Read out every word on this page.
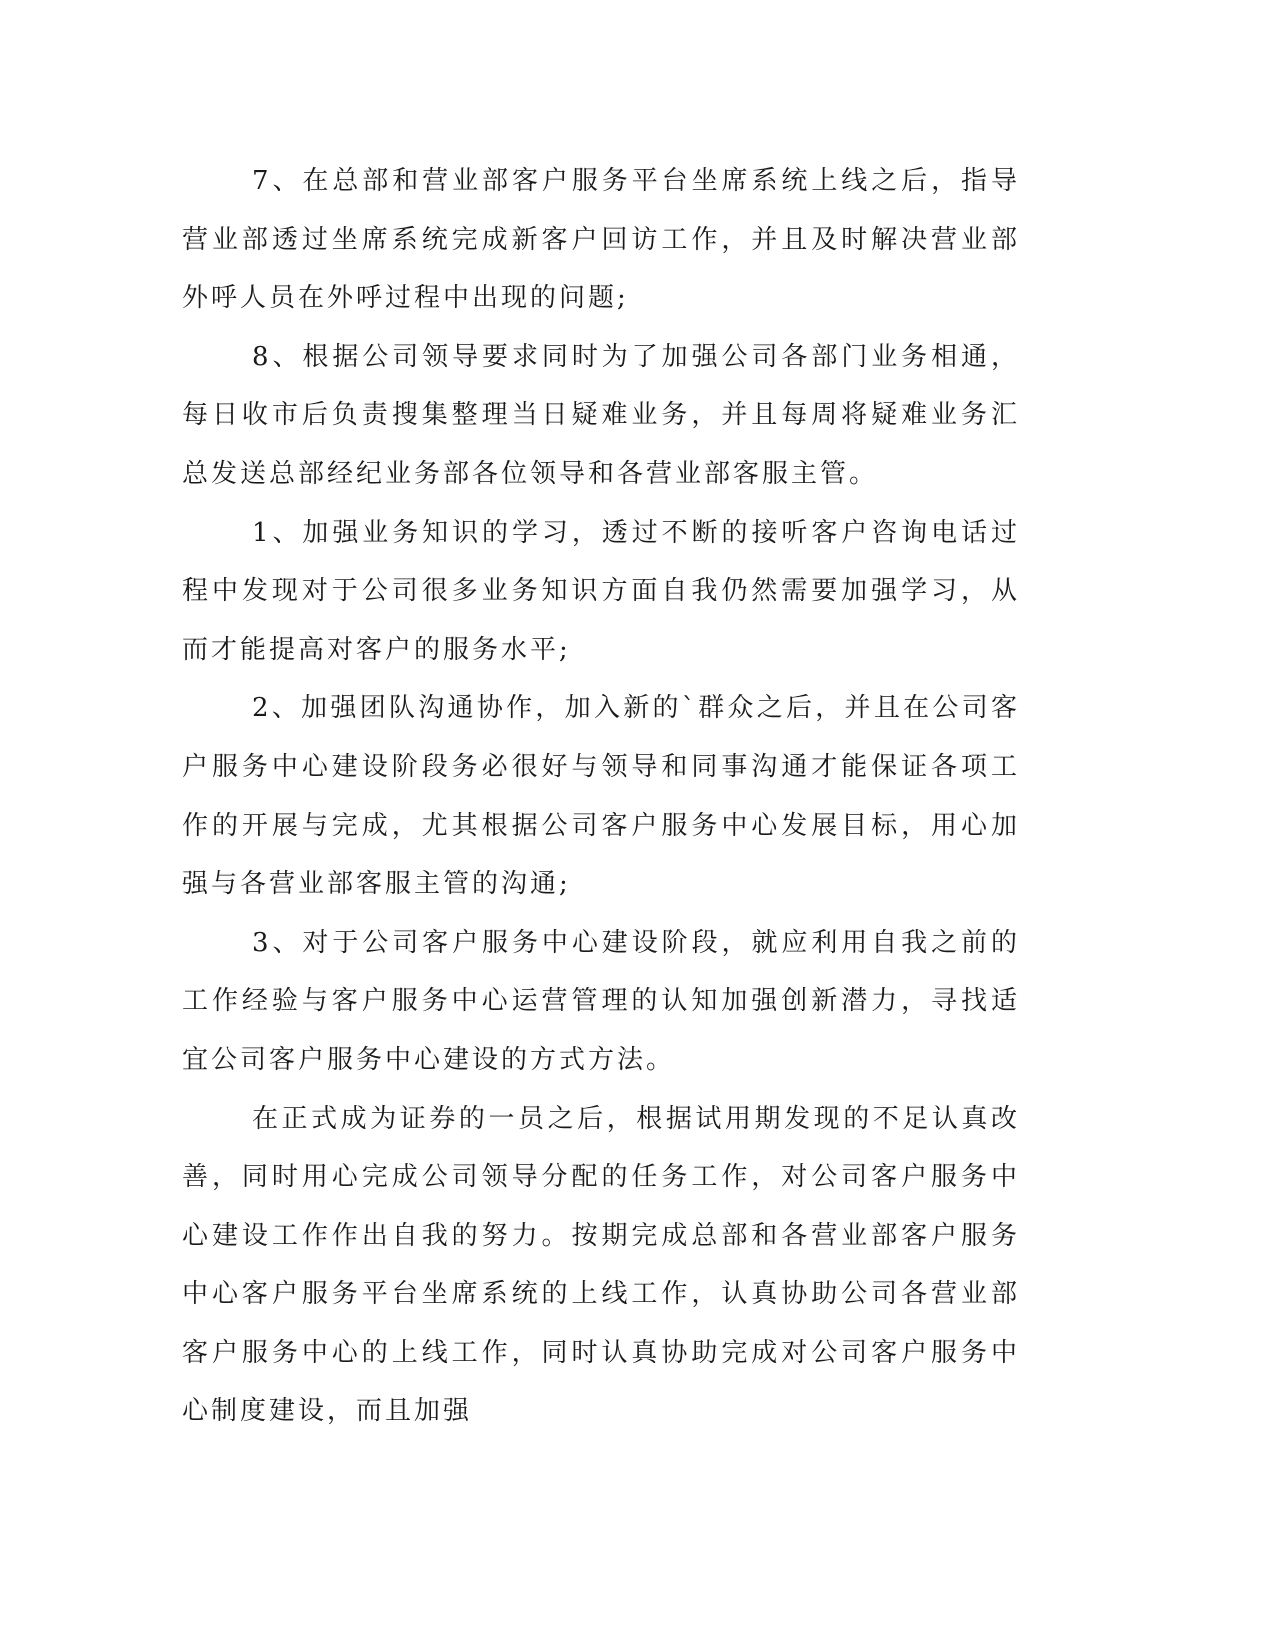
7、在总部和营业部客户服务平台坐席系统上线之后，指导营业部透过坐席系统完成新客户回访工作，并且及时解决营业部外呼人员在外呼过程中出现的问题;

8、根据公司领导要求同时为了加强公司各部门业务相通，每日收市后负责搜集整理当日疑难业务，并且每周将疑难业务汇总发送总部经纪业务部各位领导和各营业部客服主管。

1、加强业务知识的学习，透过不断的接听客户咨询电话过程中发现对于公司很多业务知识方面自我仍然需要加强学习，从而才能提高对客户的服务水平;

2、加强团队沟通协作，加入新的`群众之后，并且在公司客户服务中心建设阶段务必很好与领导和同事沟通才能保证各项工作的开展与完成，尤其根据公司客户服务中心发展目标，用心加强与各营业部客服主管的沟通;

3、对于公司客户服务中心建设阶段，就应利用自我之前的工作经验与客户服务中心运营管理的认知加强创新潜力，寻找适宜公司客户服务中心建设的方式方法。

在正式成为证券的一员之后，根据试用期发现的不足认真改善，同时用心完成公司领导分配的任务工作，对公司客户服务中心建设工作作出自我的努力。按期完成总部和各营业部客户服务中心客户服务平台坐席系统的上线工作，认真协助公司各营业部客户服务中心的上线工作，同时认真协助完成对公司客户服务中心制度建设，而且加强
